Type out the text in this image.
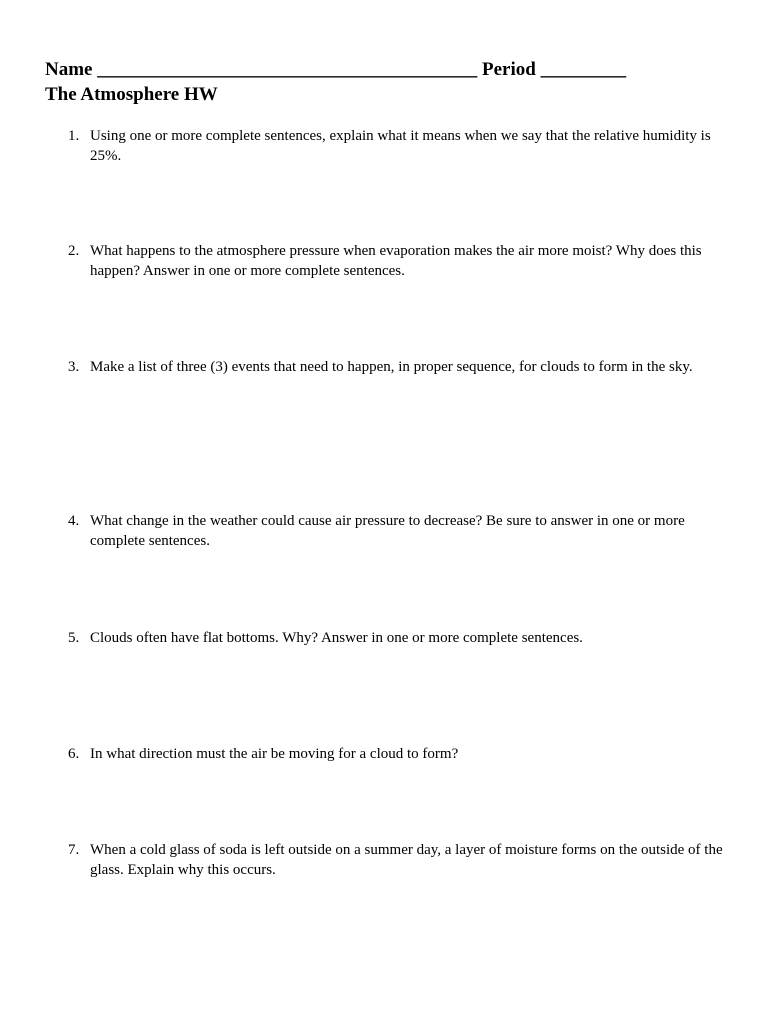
Name ________________________________________ Period _________
The Atmosphere HW
1. Using one or more complete sentences, explain what it means when we say that the relative humidity is 25%.
2. What happens to the atmosphere pressure when evaporation makes the air more moist? Why does this happen? Answer in one or more complete sentences.
3. Make a list of three (3) events that need to happen, in proper sequence, for clouds to form in the sky.
4. What change in the weather could cause air pressure to decrease? Be sure to answer in one or more complete sentences.
5. Clouds often have flat bottoms. Why? Answer in one or more complete sentences.
6. In what direction must the air be moving for a cloud to form?
7. When a cold glass of soda is left outside on a summer day, a layer of moisture forms on the outside of the glass. Explain why this occurs.
